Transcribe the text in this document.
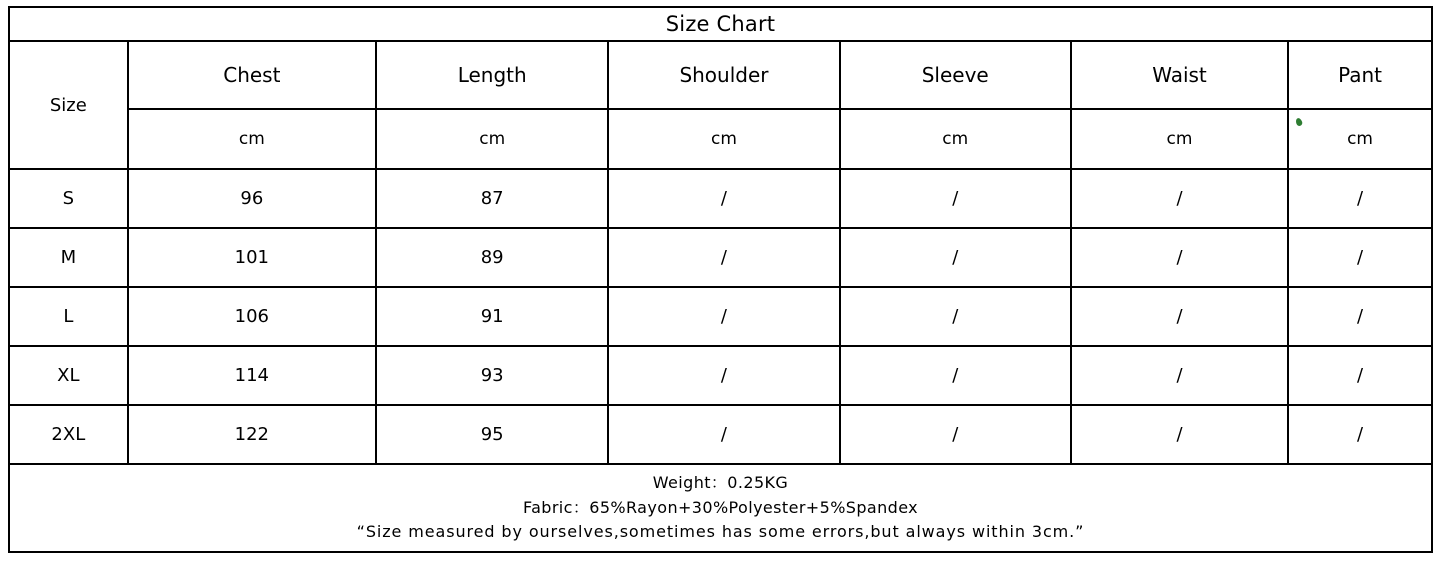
Size Chart						
Size	Chest	Length	Shoulder	Sleeve	Waist	Pant
	cm	cm	cm	cm	cm	cm
S	96	87	/	/	/	/
M	101	89	/	/	/	/
L	106	91	/	/	/	/
XL	114	93	/	/	/	/
2XL	122	95	/	/	/	/

Weight：0.25KG
Fabric：65%Rayon+30%Polyester+5%Spandex
“Size measured by ourselves,sometimes has some errors,but always within 3cm.”						
